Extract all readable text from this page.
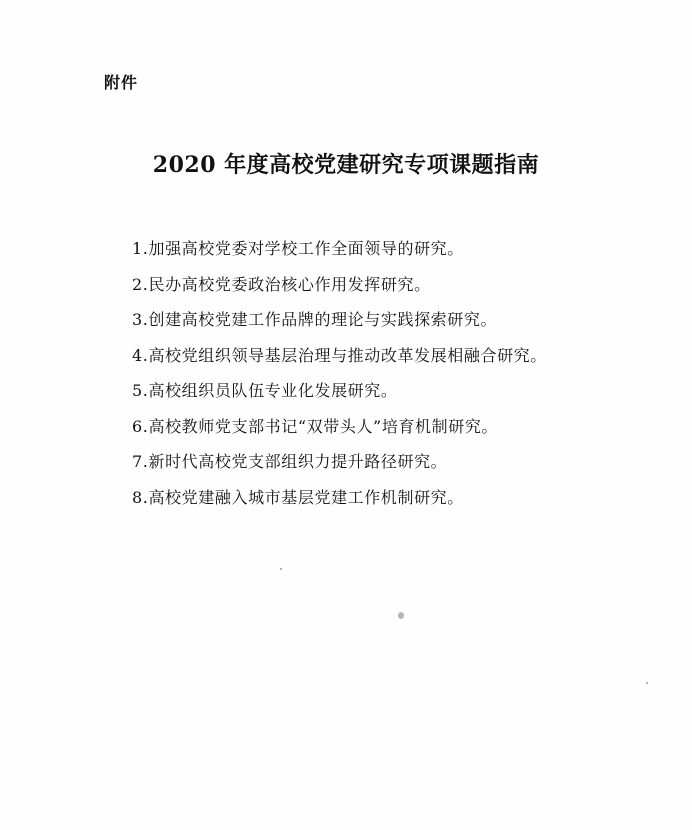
附件
2020 年度高校党建研究专项课题指南
1.加强高校党委对学校工作全面领导的研究。
2.民办高校党委政治核心作用发挥研究。
3.创建高校党建工作品牌的理论与实践探索研究。
4.高校党组织领导基层治理与推动改革发展相融合研究。
5.高校组织员队伍专业化发展研究。
6.高校教师党支部书记“双带头人”培育机制研究。
7.新时代高校党支部组织力提升路径研究。
8.高校党建融入城市基层党建工作机制研究。
